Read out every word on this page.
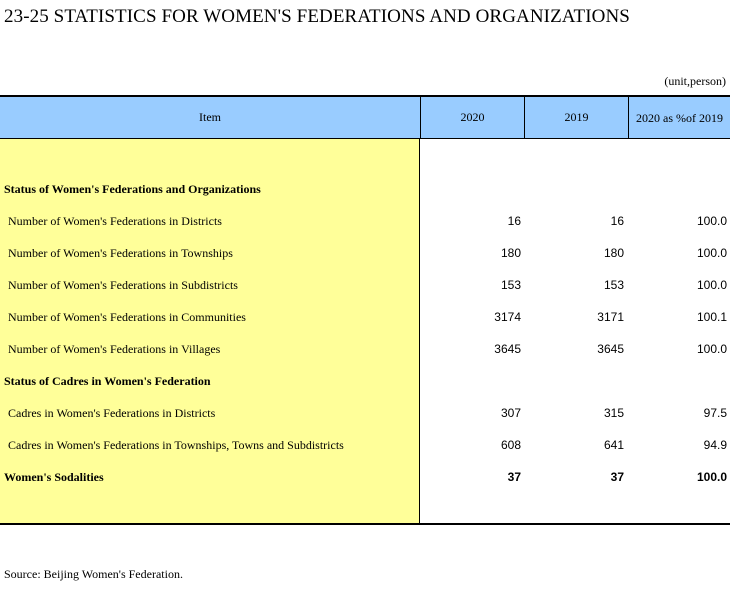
23-25 STATISTICS FOR WOMEN'S FEDERATIONS AND ORGANIZATIONS
(unit,person)
Item	2020	2019	2020 as % of 2019
Status of Women's Federations and Organizations
Number of Women's Federations in Districts	16	16	100.0
Number of Women's Federations in Townships	180	180	100.0
Number of Women's Federations in Subdistricts	153	153	100.0
Number of Women's Federations in Communities	3174	3171	100.1
Number of Women's Federations in Villages	3645	3645	100.0
Status of Cadres in Women's Federation
Cadres in Women's Federations in Districts	307	315	97.5
Cadres in Women's Federations in Townships, Towns and Subdistricts	608	641	94.9
Women's Sodalities	37	37	100.0
Source: Beijing Women's Federation.
